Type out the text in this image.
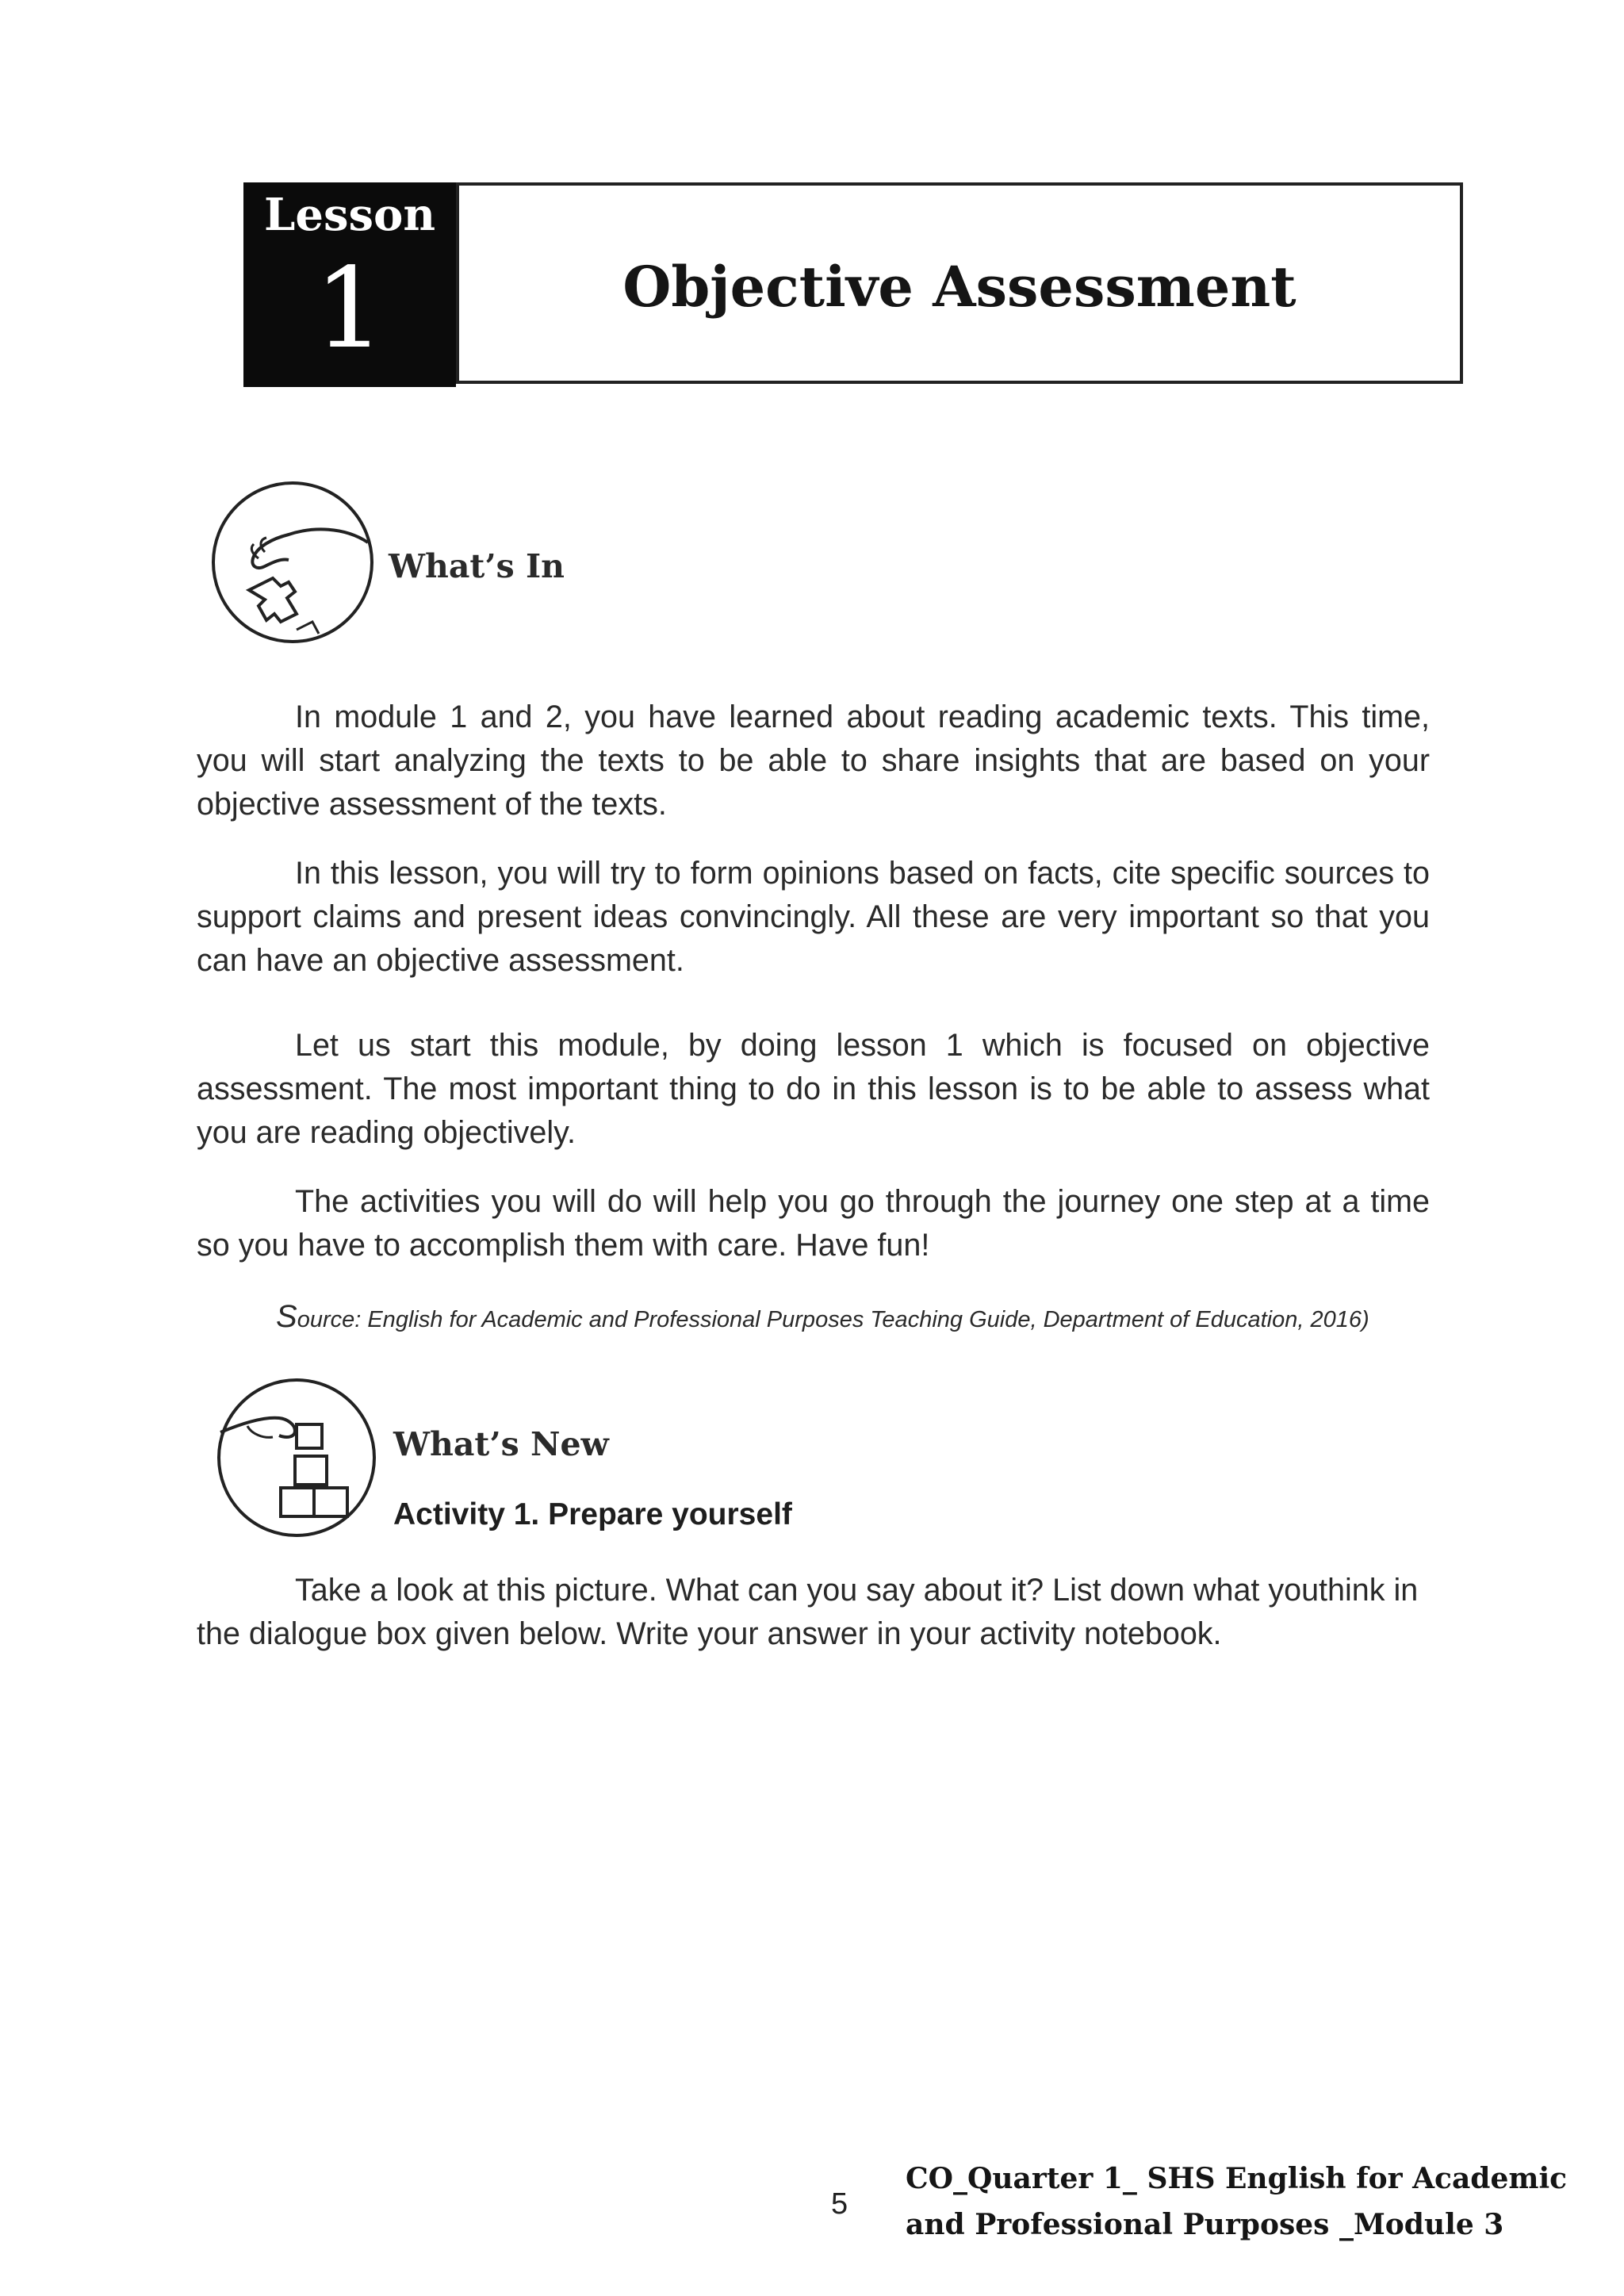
Lesson
1	Objective Assessment
What’s In

In module 1 and 2, you have learned about reading academic texts. This time, you will start analyzing the texts to be able to share insights that are based on your objective assessment of the texts.

In this lesson, you will try to form opinions based on facts, cite specific sources to support claims and present ideas convincingly. All these are very important so that you can have an objective assessment.

Let us start this module, by doing lesson 1 which is focused on objective assessment. The most important thing to do in this lesson is to be able to assess what you are reading objectively.

The activities you will do will help you go through the journey one step at a time so you have to accomplish them with care. Have fun!

Source: English for Academic and Professional Purposes Teaching Guide, Department of Education, 2016)
What’s New
Activity 1. Prepare yourself

Take a look at this picture. What can you say about it? List down what youthink in the dialogue box given below. Write your answer in your activity notebook.

5
CO_Quarter 1_ SHS English for Academic
and Professional Purposes _Module 3
